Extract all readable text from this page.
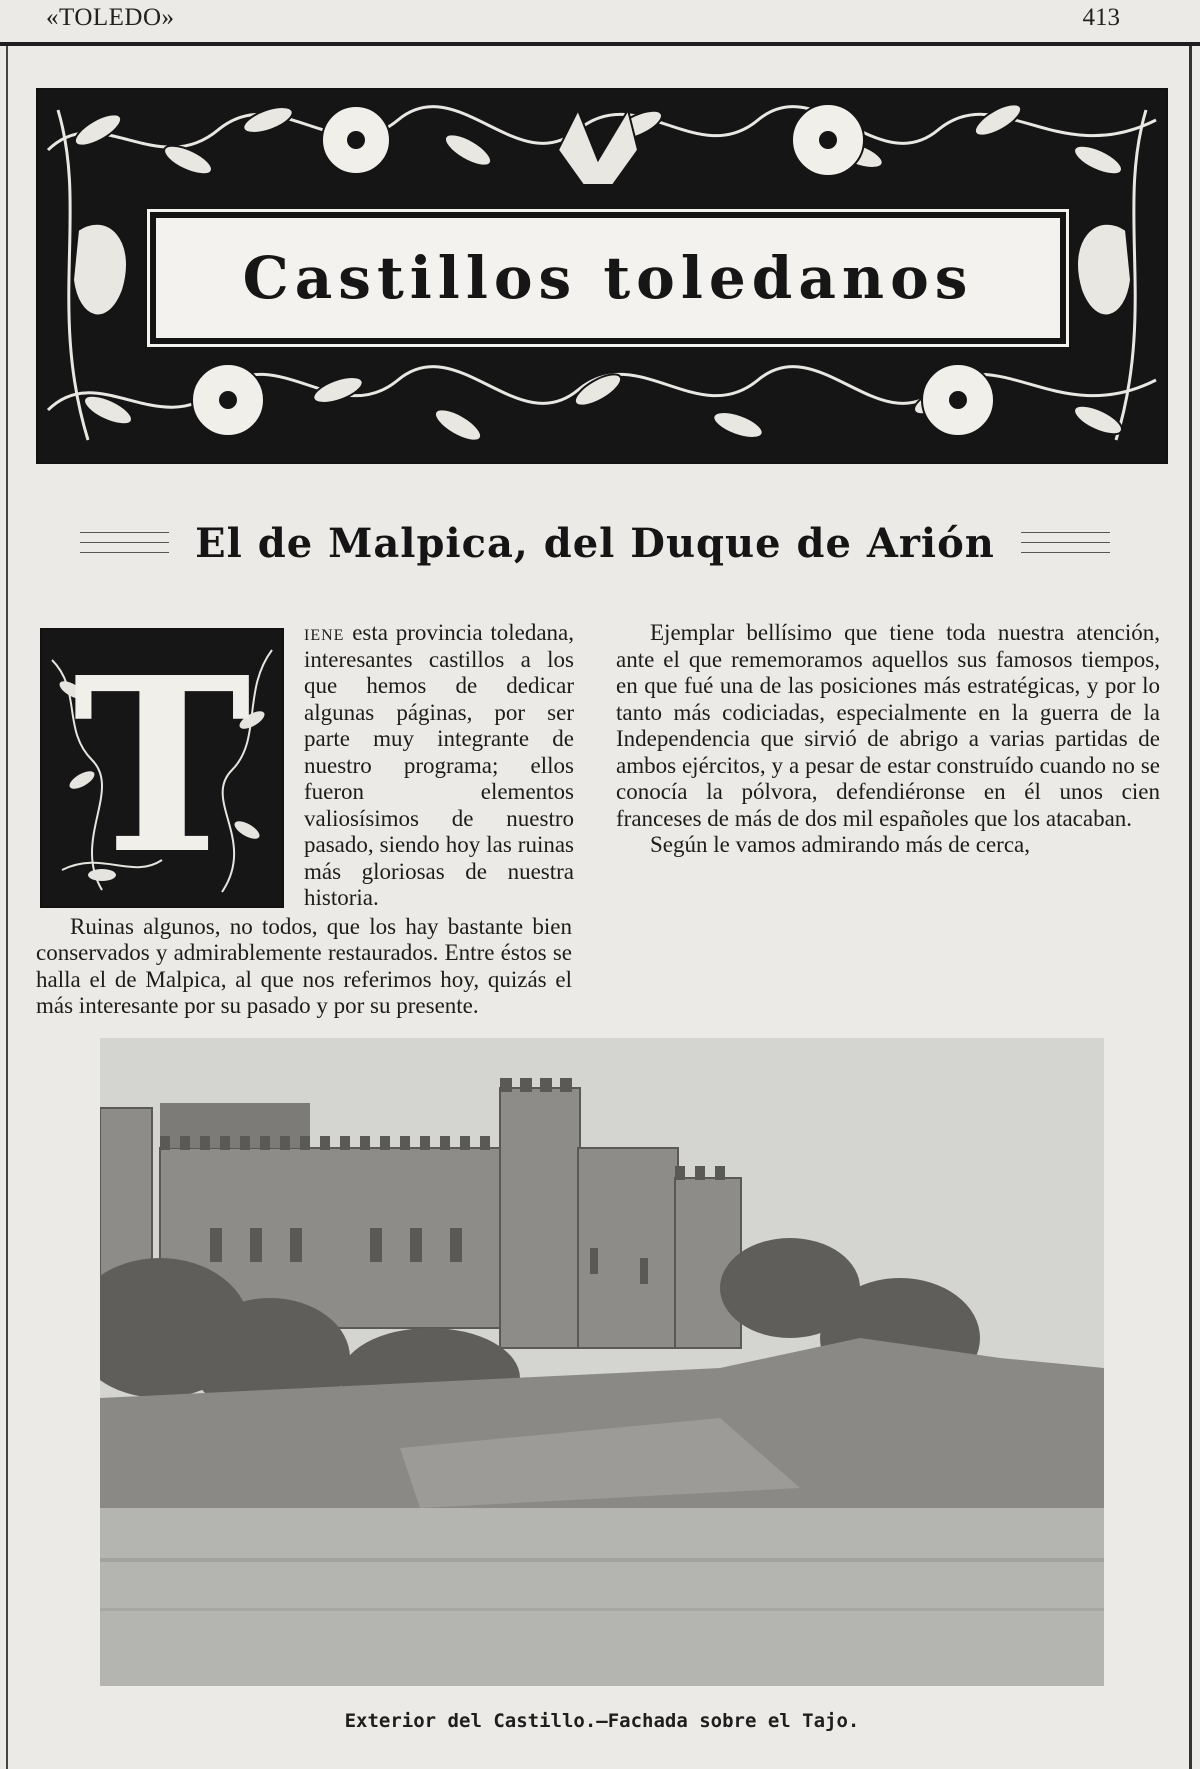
«TOLEDO»	413
Castillos toledanos
El de Malpica, del Duque de Arión
T	iene esta provincia toledana, interesantes castillos a los que hemos de dedicar algunas páginas, por ser parte muy integrante de nuestro programa; ellos fueron elementos valiosísimos de nuestro pasado, siendo hoy las ruinas más gloriosas de nuestra historia.

Ruinas algunos, no todos, que los hay bastante bien conservados y admirablemente restaurados. Entre éstos se halla el de Malpica, al que nos referimos hoy, quizás el más interesante por su pasado y por su presente.

Ejemplar bellísimo que tiene toda nuestra atención, ante el que rememoramos aquellos sus famosos tiempos, en que fué una de las posiciones más estratégicas, y por lo tanto más codiciadas, especialmente en la guerra de la Independencia que sirvió de abrigo a varias partidas de ambos ejércitos, y a pesar de estar construído cuando no se conocía la pólvora, defendiéronse en él unos cien franceses de más de dos mil españoles que los atacaban.

Según le vamos admirando más de cerca,

Exterior del Castillo.—Fachada sobre el Tajo.
